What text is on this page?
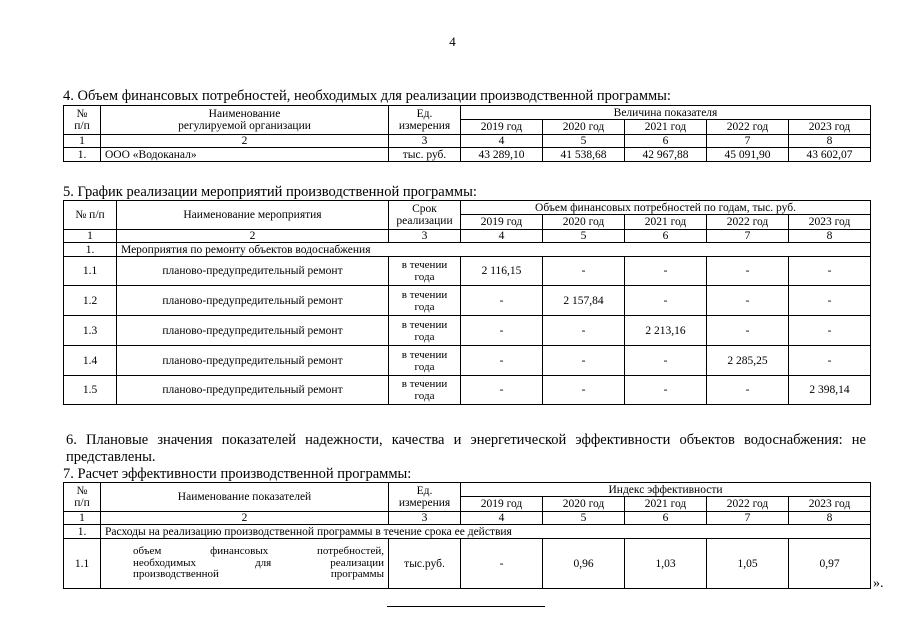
4
4. Объем финансовых потребностей, необходимых для реализации производственной программы:
№
п/п	Наименование
регулируемой организации	Ед.
измерения	Величина показателя				
			2019 год	2020 год	2021 год	2022 год	2023 год
1	2	3	4	5	6	7	8
1.	ООО «Водоканал»	тыс. руб.	43 289,10	41 538,68	42 967,88	45 091,90	43 602,07
5. График реализации мероприятий производственной программы:
№ п/п	Наименование мероприятия	Срок
реализации	Объем финансовых потребностей по годам, тыс. руб.				
			2019 год	2020 год	2021 год	2022 год	2023 год
1	2	3	4	5	6	7	8
1.	Мероприятия по ремонту объектов водоснабжения						
1.1	планово-предупредительный ремонт	в течении
года	2 116,15	-	-	-	-
1.2	планово-предупредительный ремонт	в течении
года	-	2 157,84	-	-	-
1.3	планово-предупредительный ремонт	в течении
года	-	-	2 213,16	-	-
1.4	планово-предупредительный ремонт	в течении
года	-	-	-	2 285,25	-
1.5	планово-предупредительный ремонт	в течении
года	-	-	-	-	2 398,14
6. Плановые значения показателей надежности, качества и энергетической эффективности объектов водоснабжения: не представлены.
7. Расчет эффективности производственной программы:
№
п/п	Наименование показателей	Ед.
измерения	Индекс эффективности				
			2019 год	2020 год	2021 год	2022 год	2023 год
1	2	3	4	5	6	7	8
1.	Расходы на реализацию производственной программы в течение срока ее действия						
1.1	объем финансовых потребностей,
необходимых для реализации
производственной программы	тыс.руб.	-	0,96	1,03	1,05	0,97
».
